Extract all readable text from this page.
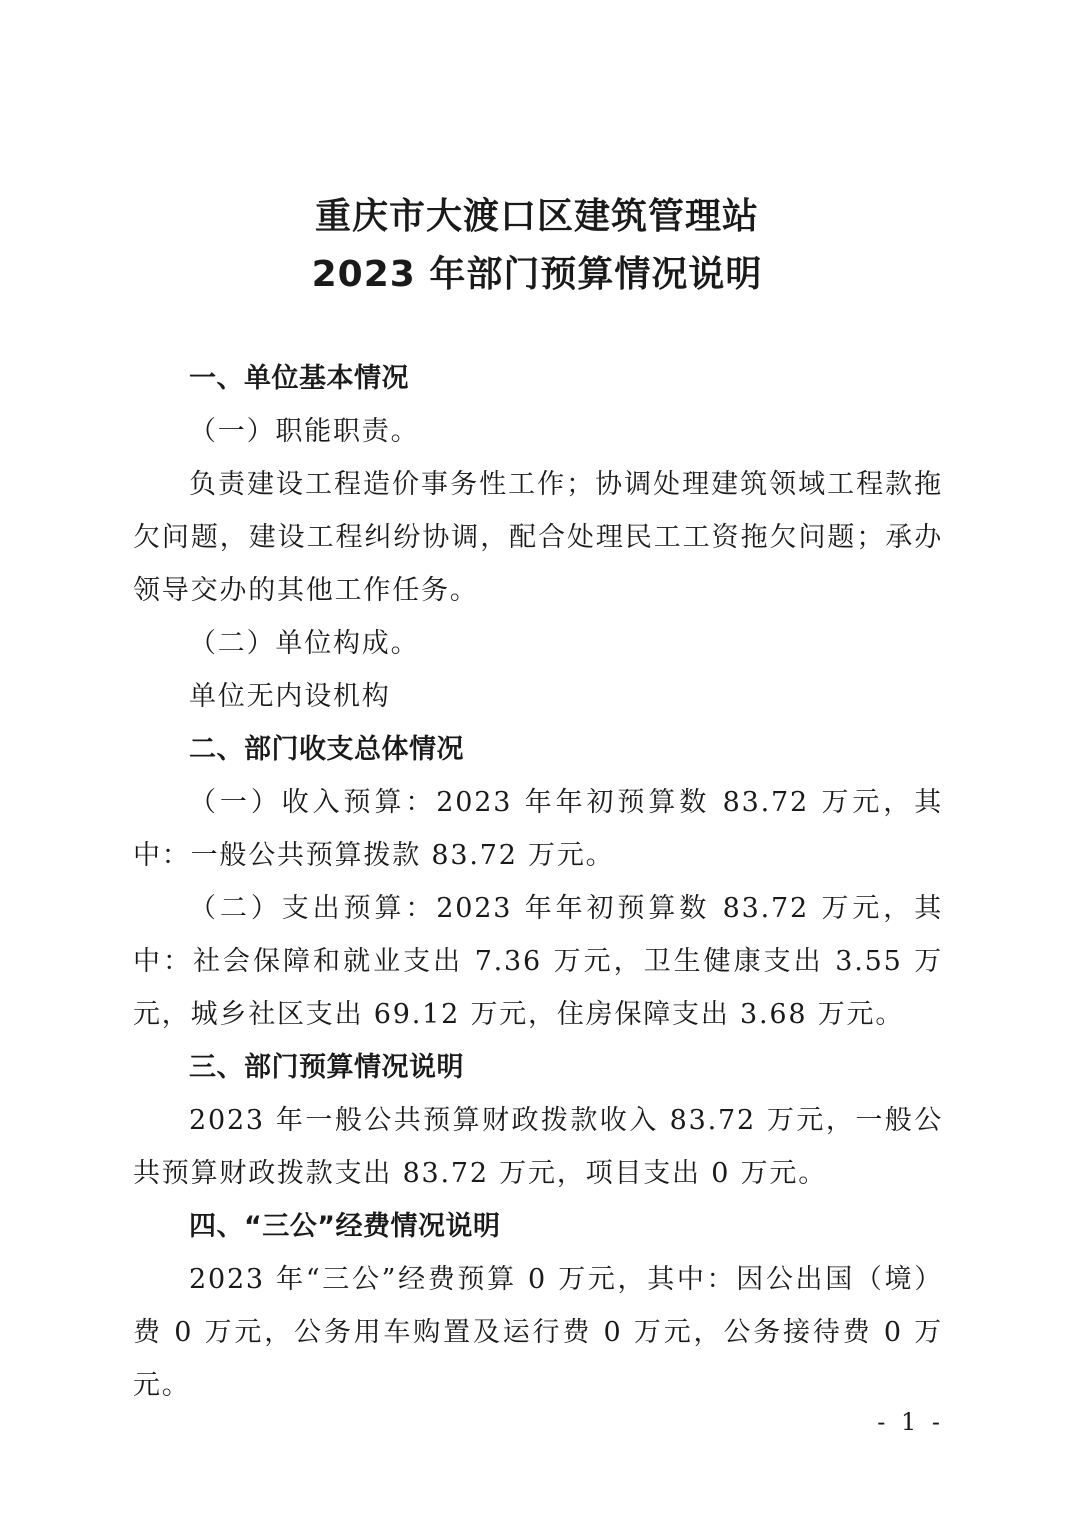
重庆市大渡口区建筑管理站
2023 年部门预算情况说明

一、单位基本情况

（一）职能职责。

负责建设工程造价事务性工作；协调处理建筑领域工程款拖欠问题，建设工程纠纷协调，配合处理民工工资拖欠问题；承办领导交办的其他工作任务。

（二）单位构成。

单位无内设机构

二、部门收支总体情况

（一）收入预算：2023 年年初预算数 83.72 万元，其中：一般公共预算拨款 83.72 万元。

（二）支出预算：2023 年年初预算数 83.72 万元，其中：社会保障和就业支出 7.36 万元，卫生健康支出 3.55 万元，城乡社区支出 69.12 万元，住房保障支出 3.68 万元。

三、部门预算情况说明

2023 年一般公共预算财政拨款收入 83.72 万元，一般公共预算财政拨款支出 83.72 万元，项目支出 0 万元。

四、“三公”经费情况说明

2023 年“三公”经费预算 0 万元，其中：因公出国（境）费 0 万元，公务用车购置及运行费 0 万元，公务接待费 0 万元。

- 1 -
